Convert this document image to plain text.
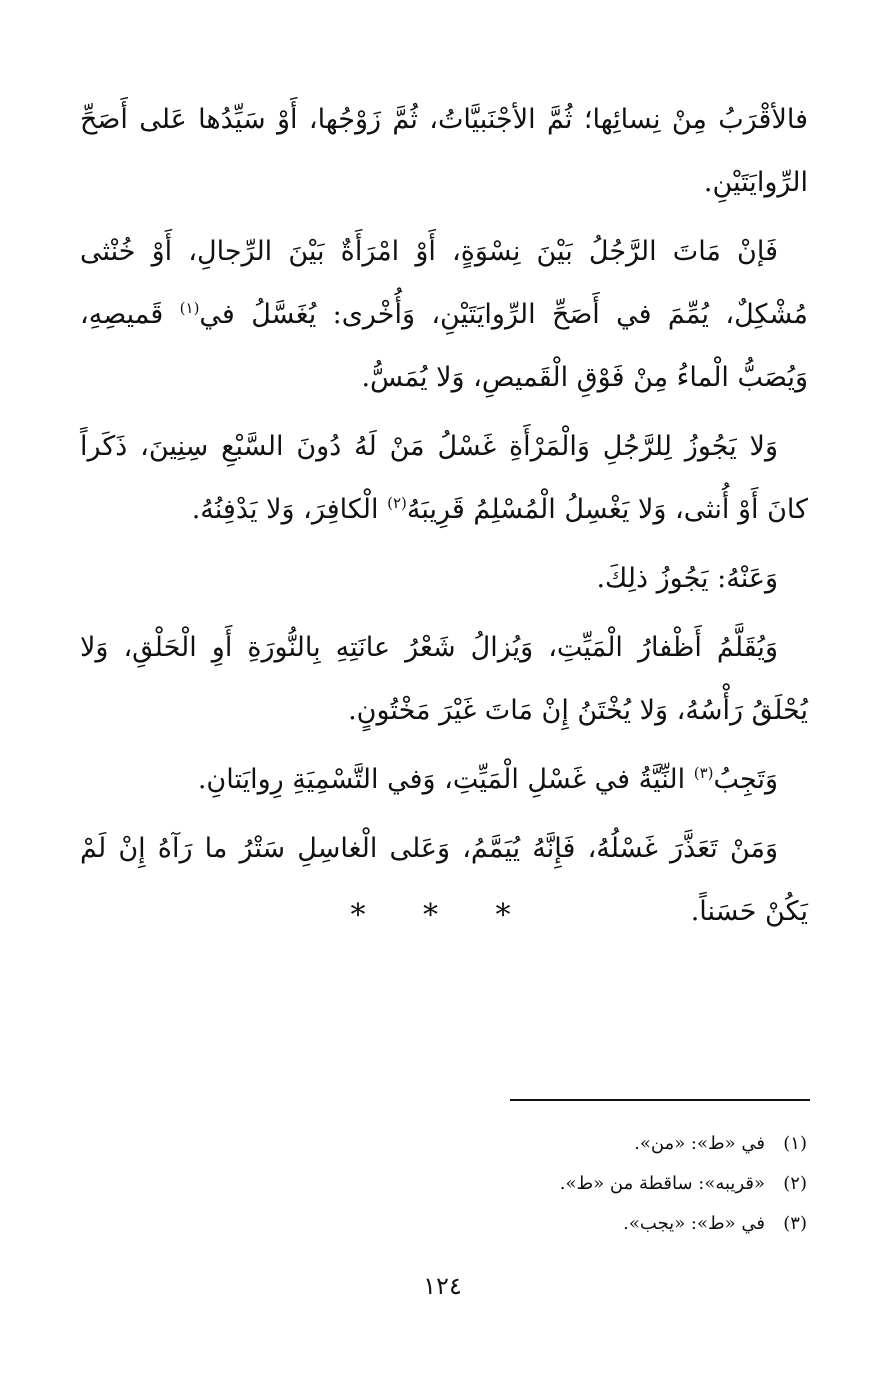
فالأقْرَبُ مِنْ نِسائِها؛ ثُمَّ الأجْنَبيَّاتُ، ثُمَّ زَوْجُها، أَوْ سَيِّدُها عَلى أَصَحِّ الرِّوايَتَيْنِ.

فَإنْ مَاتَ الرَّجُلُ بَيْنَ نِسْوَةٍ، أَوْ امْرَأَةٌ بَيْنَ الرِّجالِ، أَوْ خُنْثى مُشْكِلٌ، يُمِّمَ في أَصَحِّ الرِّوايَتَيْنِ، وَأُخْرى: يُغَسَّلُ في$^{(١)}$ قَميصِهِ، وَيُصَبُّ الْماءُ مِنْ فَوْقِ الْقَميصِ، وَلا يُمَسُّ.

وَلا يَجُوزُ لِلرَّجُلِ وَالْمَرْأَةِ غَسْلُ مَنْ لَهُ دُونَ السَّبْعِ سِنِينَ، ذَكَراً كانَ أَوْ أُنثى، وَلا يَغْسِلُ الْمُسْلِمُ قَرِيبَهُ$^{(٢)}$ الْكافِرَ، وَلا يَدْفِنُهُ.

وَعَنْهُ: يَجُوزُ ذلِكَ.

وَيُقَلَّمُ أَظْفارُ الْمَيِّتِ، وَيُزالُ شَعْرُ عانَتِهِ بِالنُّورَةِ أَوِ الْحَلْقِ، وَلا يُحْلَقُ رَأْسُهُ، وَلا يُخْتَنُ إِنْ مَاتَ غَيْرَ مَخْتُونٍ.

وَتَجِبُ$^{(٣)}$ النِّيَّةُ في غَسْلِ الْمَيِّتِ، وَفي التَّسْمِيَةِ رِوايَتانِ.

وَمَنْ تَعَذَّرَ غَسْلُهُ، فَإِنَّهُ يُيَمَّمُ، وَعَلى الْغاسِلِ سَتْرُ ما رَآهُ إِنْ لَمْ يَكُنْ حَسَناً.

* * *
(١)في «ط»: «من».
(٢)«قريبه»: ساقطة من «ط».
(٣)في «ط»: «يجب».
١٢٤
